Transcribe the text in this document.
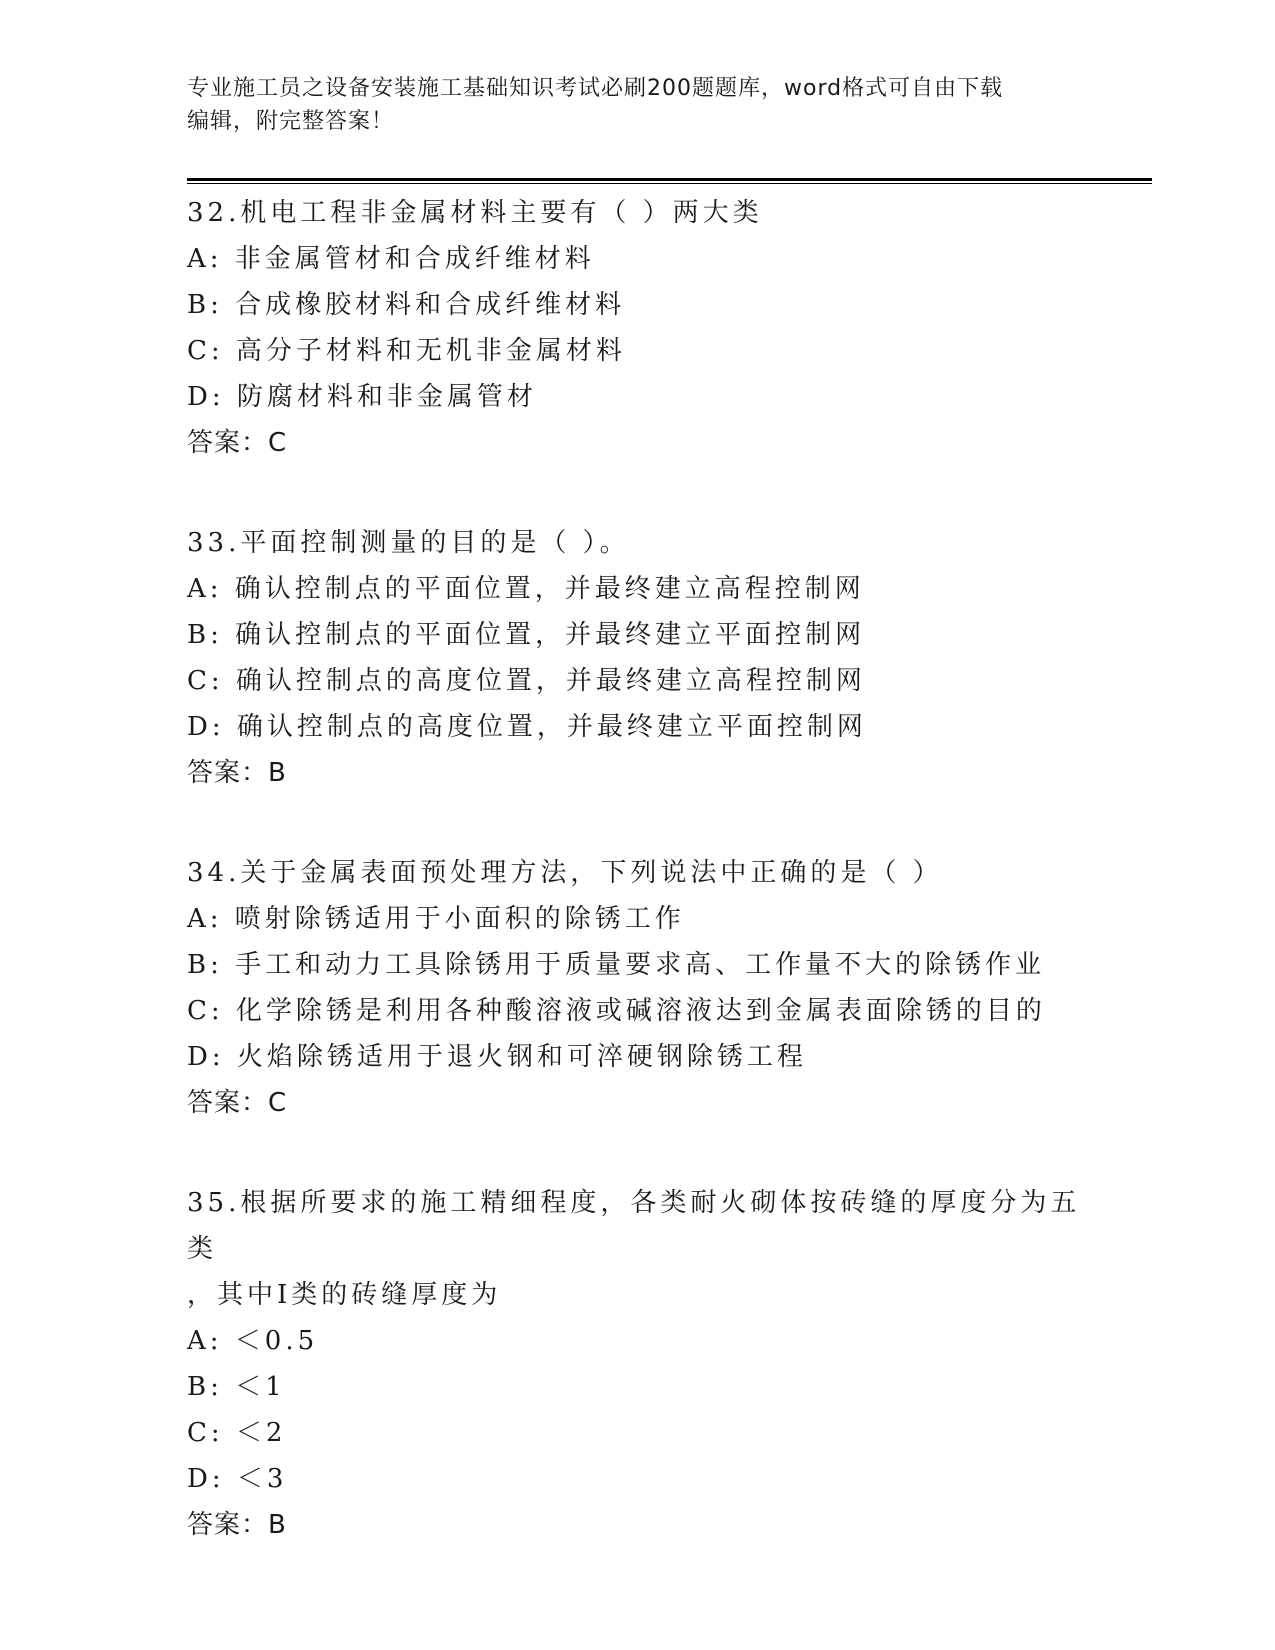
专业施工员之设备安装施工基础知识考试必刷200题题库，word格式可自由下载
编辑，附完整答案！
32.机电工程非金属材料主要有（ ）两大类
A: 非金属管材和合成纤维材料
B: 合成橡胶材料和合成纤维材料
C: 高分子材料和无机非金属材料
D: 防腐材料和非金属管材
答案：C
33.平面控制测量的目的是（ ）。
A: 确认控制点的平面位置，并最终建立高程控制网
B: 确认控制点的平面位置，并最终建立平面控制网
C: 确认控制点的高度位置，并最终建立高程控制网
D: 确认控制点的高度位置，并最终建立平面控制网
答案：B
34.关于金属表面预处理方法，下列说法中正确的是（ ）
A: 喷射除锈适用于小面积的除锈工作
B: 手工和动力工具除锈用于质量要求高、工作量不大的除锈作业
C: 化学除锈是利用各种酸溶液或碱溶液达到金属表面除锈的目的
D: 火焰除锈适用于退火钢和可淬硬钢除锈工程
答案：C
35.根据所要求的施工精细程度，各类耐火砌体按砖缝的厚度分为五类
，其中Ⅰ类的砖缝厚度为
A: ＜0.5
B: ＜1
C: ＜2
D: ＜3
答案：B
